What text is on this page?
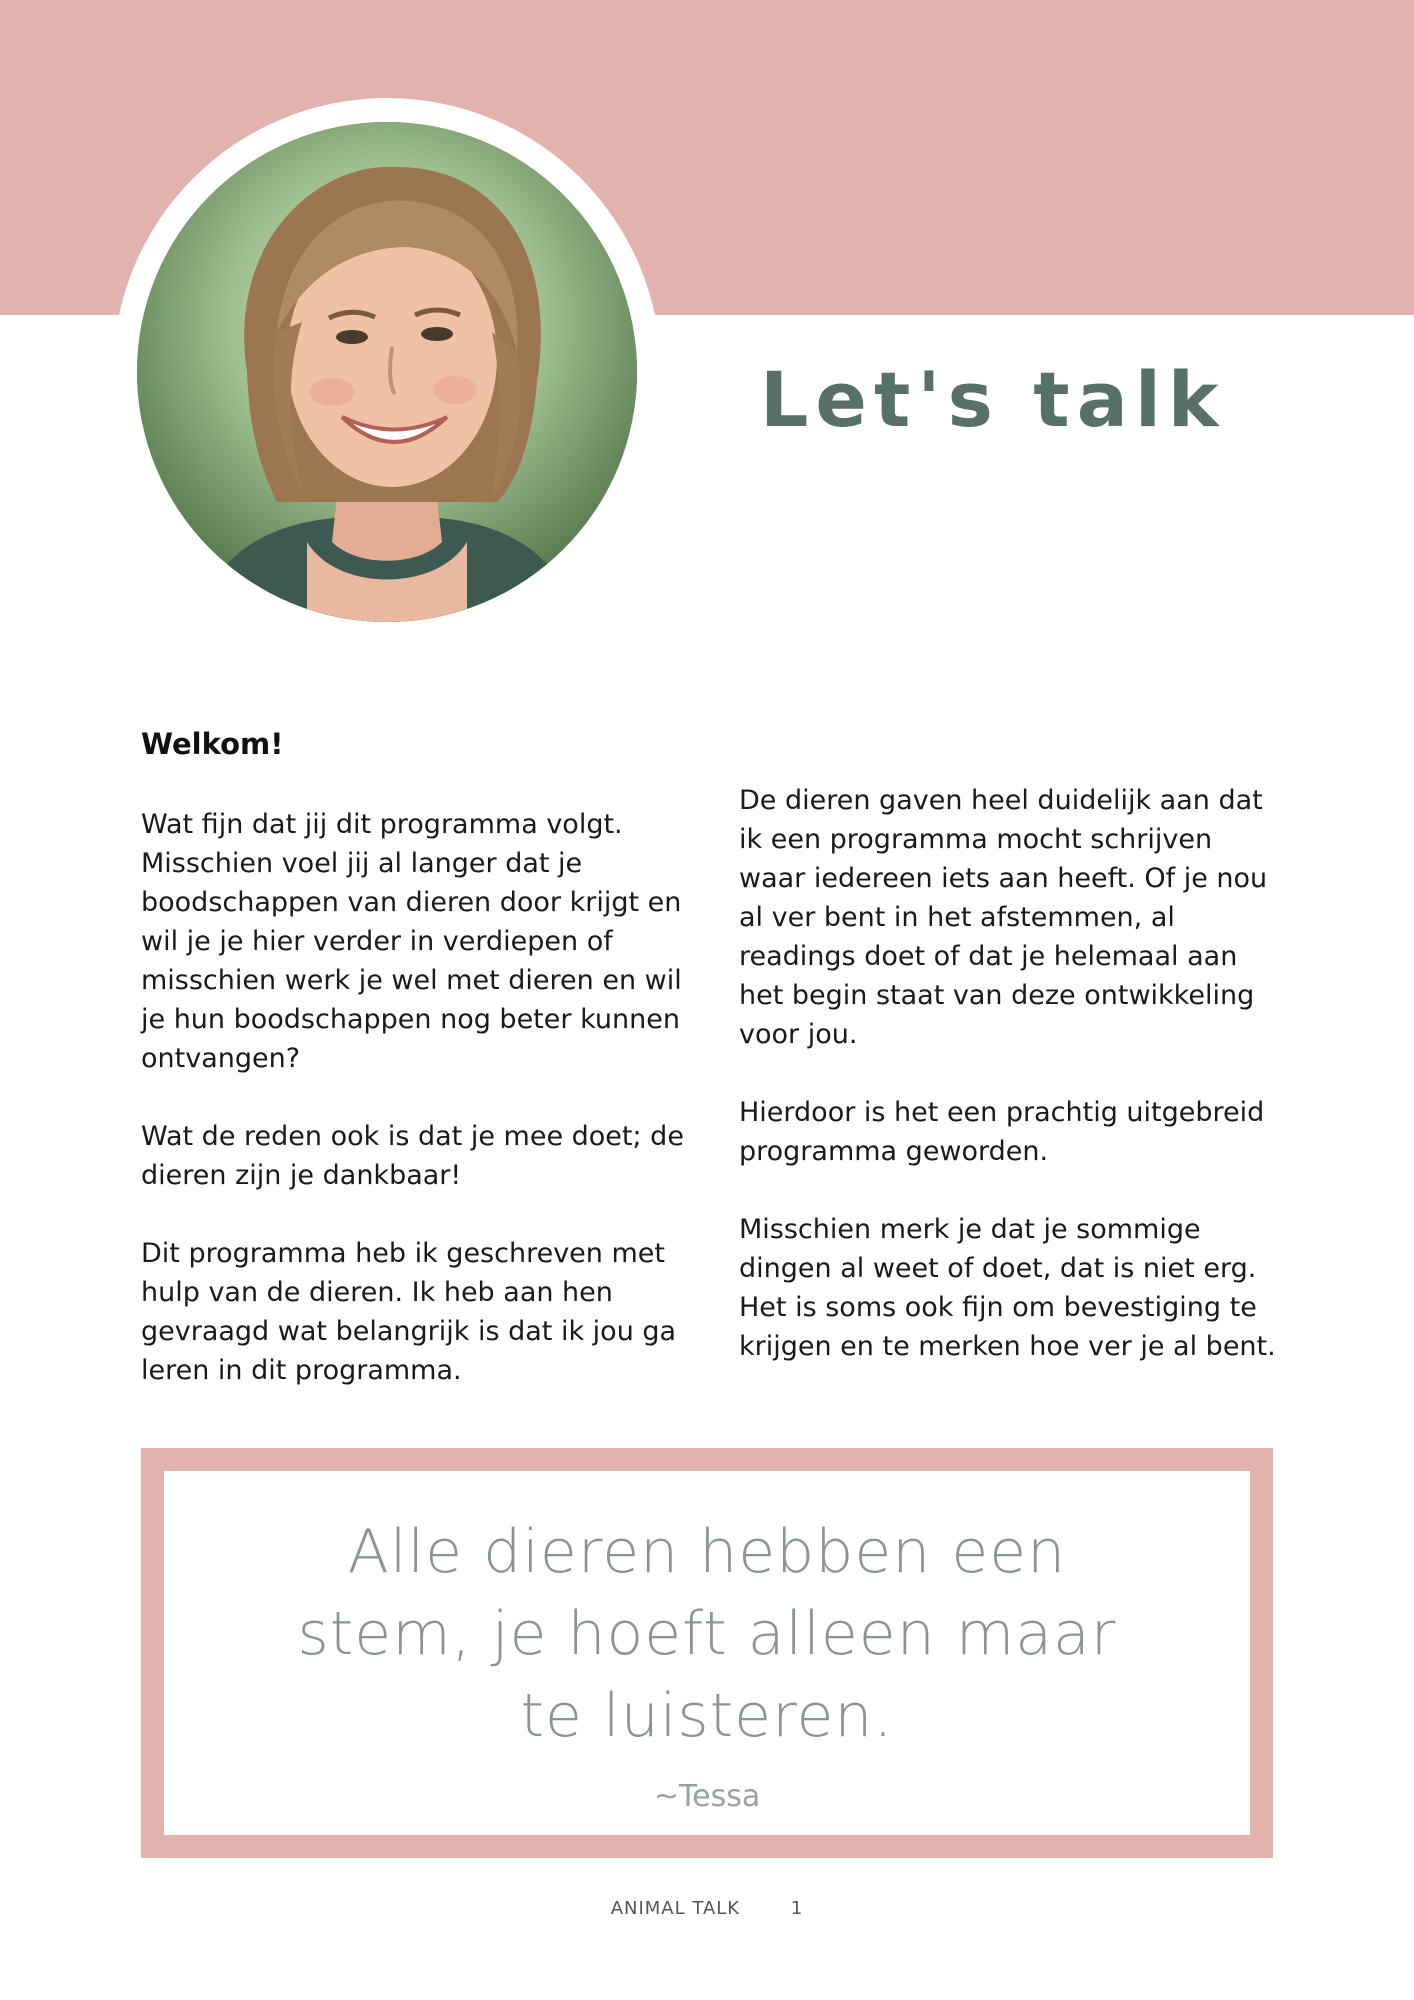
Let's talk
Welkom!

Wat fijn dat jij dit programma volgt. Misschien voel jij al langer dat je boodschappen van dieren door krijgt en wil je je hier verder in verdiepen of misschien werk je wel met dieren en wil je hun boodschappen nog beter kunnen ontvangen?

Wat de reden ook is dat je mee doet; de dieren zijn je dankbaar!

Dit programma heb ik geschreven met hulp van de dieren. Ik heb aan hen gevraagd wat belangrijk is dat ik jou ga leren in dit programma.

De dieren gaven heel duidelijk aan dat ik een programma mocht schrijven waar iedereen iets aan heeft. Of je nou al ver bent in het afstemmen, al readings doet of dat je helemaal aan het begin staat van deze ontwikkeling voor jou.

Hierdoor is het een prachtig uitgebreid programma geworden.

Misschien merk je dat je sommige dingen al weet of doet, dat is niet erg. Het is soms ook fijn om bevestiging te krijgen en te merken hoe ver je al bent.

Alle dieren hebben een stem, je hoeft alleen maar te luisteren.
~Tessa
ANIMAL TALK	1
